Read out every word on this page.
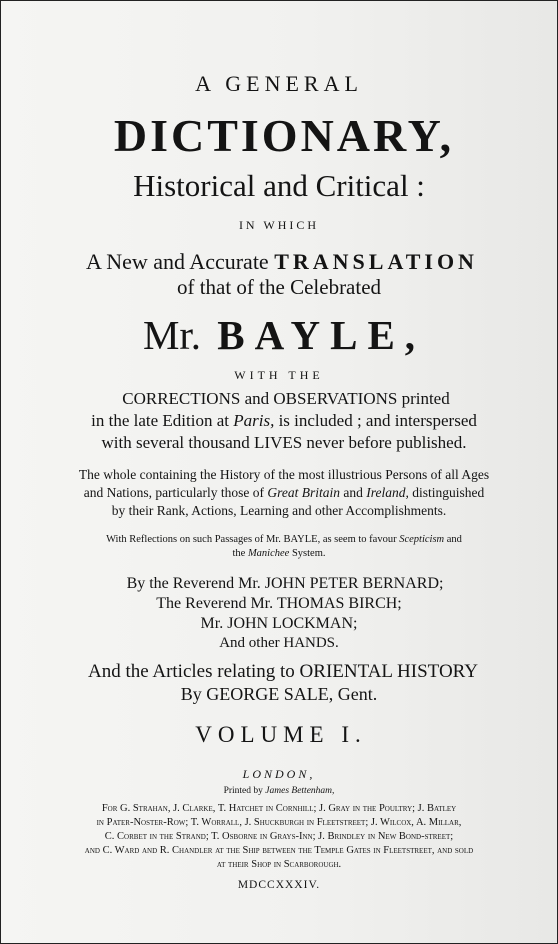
A GENERAL
DICTIONARY,
Historical and Critical :
IN WHICH
A New and Accurate TRANSLATION
of that of the Celebrated
Mr. BAYLE,
WITH THE
CORRECTIONS and OBSERVATIONS printed
in the late Edition at Paris, is included ; and interspersed
with several thousand LIVES never before published.
The whole containing the History of the most illustrious Persons of all Ages
and Nations, particularly those of Great Britain and Ireland, distinguished
by their Rank, Actions, Learning and other Accomplishments.
With Reflections on such Passages of Mr. BAYLE, as seem to favour Scepticism and
the Manichee System.
By the Reverend Mr. JOHN PETER BERNARD;
The Reverend Mr. THOMAS BIRCH;
Mr. JOHN LOCKMAN;
And other HANDS.
And the Articles relating to ORIENTAL HISTORY
By GEORGE SALE, Gent.
VOLUME I.
LONDON,
Printed by James Bettenham,
For G. Strahan, J. Clarke, T. Hatchet in Cornhill; J. Gray in the Poultry; J. Batley
in Pater-Noster-Row; T. Worrall, J. Shuckburgh in Fleetstreet; J. Wilcox, A. Millar,
C. Corbet in the Strand; T. Osborne in Grays-Inn; J. Brindley in New Bond-street;
and C. Ward and R. Chandler at the Ship between the Temple Gates in Fleetstreet, and sold
at their Shop in Scarborough.
MDCCXXXIV.
